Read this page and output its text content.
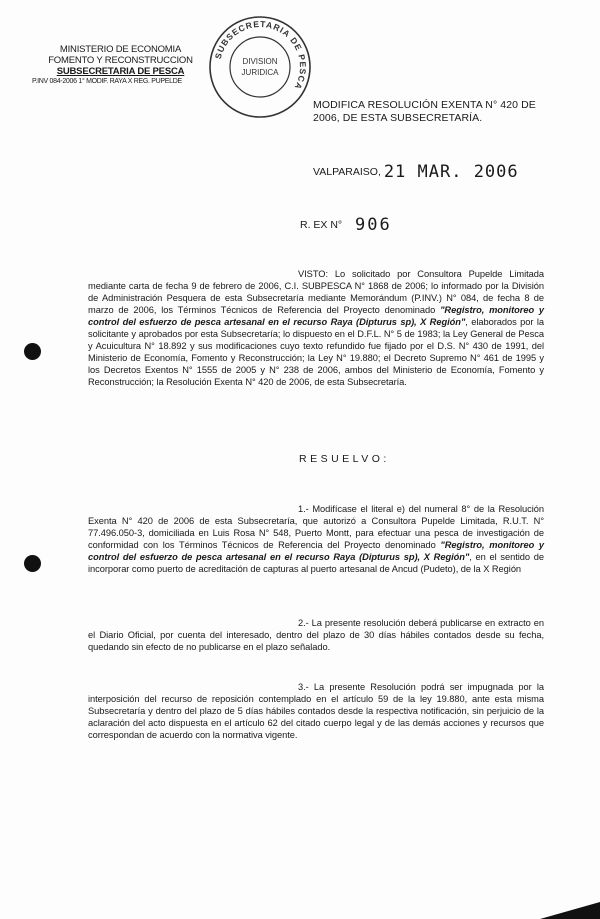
MINISTERIO DE ECONOMIA
FOMENTO Y RECONSTRUCCION
SUBSECRETARIA DE PESCA
P.INV 084-2006 1° MODIF. RAYA X REG. PUPELDE
SUBSECRETARIA DE PESCA
DIVISION
JURIDICA
MODIFICA RESOLUCIÓN EXENTA N° 420 DE 2006, DE ESTA SUBSECRETARÍA.
VALPARAISO, 21 MAR. 2006
R. EX N° 906
VISTO: Lo solicitado por Consultora Pupelde Limitada mediante carta de fecha 9 de febrero de 2006, C.I. SUBPESCA N° 1868 de 2006; lo informado por la División de Administración Pesquera de esta Subsecretaría mediante Memorándum (P.INV.) N° 084, de fecha 8 de marzo de 2006, los Términos Técnicos de Referencia del Proyecto denominado "Registro, monitoreo y control del esfuerzo de pesca artesanal en el recurso Raya (Dipturus sp), X Región", elaborados por la solicitante y aprobados por esta Subsecretaría; lo dispuesto en el D.F.L. N° 5 de 1983; la Ley General de Pesca y Acuicultura N° 18.892 y sus modificaciones cuyo texto refundido fue fijado por el D.S. N° 430 de 1991, del Ministerio de Economía, Fomento y Reconstrucción; la Ley N° 19.880; el Decreto Supremo N° 461 de 1995 y los Decretos Exentos N° 1555 de 2005 y N° 238 de 2006, ambos del Ministerio de Economía, Fomento y Reconstrucción; la Resolución Exenta N° 420 de 2006, de esta Subsecretaría.
RESUELVO:
1.- Modifícase el literal e) del numeral 8° de la Resolución Exenta N° 420 de 2006 de esta Subsecretaría, que autorizó a Consultora Pupelde Limitada, R.U.T. N° 77.496.050-3, domiciliada en Luis Rosa N° 548, Puerto Montt, para efectuar una pesca de investigación de conformidad con los Términos Técnicos de Referencia del Proyecto denominado "Registro, monitoreo y control del esfuerzo de pesca artesanal en el recurso Raya (Dipturus sp), X Región", en el sentido de incorporar como puerto de acreditación de capturas al puerto artesanal de Ancud (Pudeto), de la X Región
2.- La presente resolución deberá publicarse en extracto en el Diario Oficial, por cuenta del interesado, dentro del plazo de 30 días hábiles contados desde su fecha, quedando sin efecto de no publicarse en el plazo señalado.
3.- La presente Resolución podrá ser impugnada por la interposición del recurso de reposición contemplado en el artículo 59 de la ley 19.880, ante esta misma Subsecretaría y dentro del plazo de 5 días hábiles contados desde la respectiva notificación, sin perjuicio de la aclaración del acto dispuesta en el artículo 62 del citado cuerpo legal y de las demás acciones y recursos que correspondan de acuerdo con la normativa vigente.
